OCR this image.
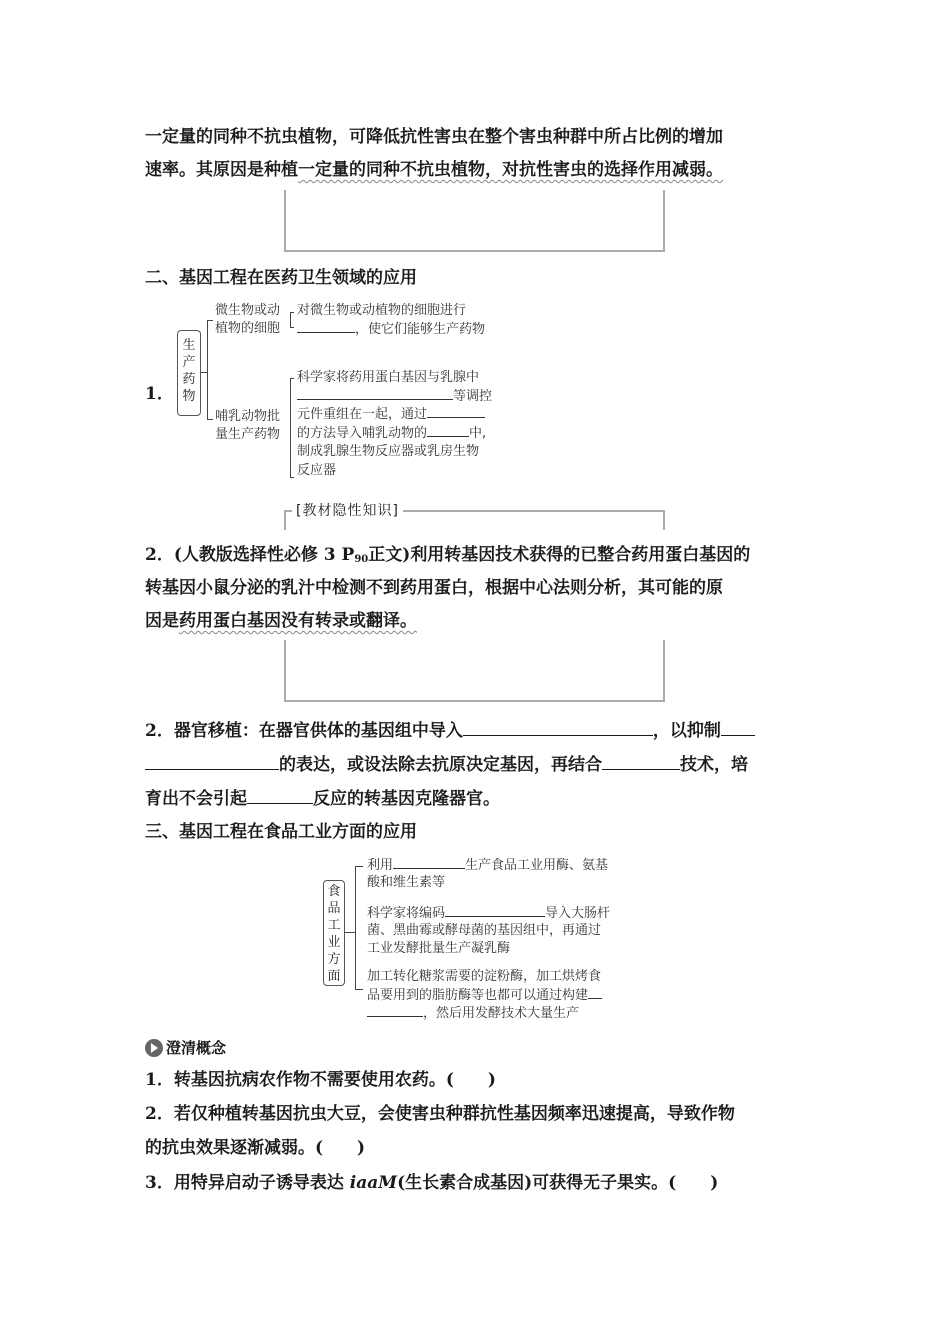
一定量的同种不抗虫植物，可降低抗性害虫在整个害虫种群中所占比例的增加
速率。其原因是种植一定量的同种不抗虫植物，对抗性害虫的选择作用减弱。
二、基因工程在医药卫生领域的应用
1．
生
产
药
物
微生物或动
植物的细胞
对微生物或动植物的细胞进行
，使它们能够生产药物
哺乳动物批
量生产药物
科学家将药用蛋白基因与乳腺中
等调控
元件重组在一起，通过
的方法导入哺乳动物的	中,
制成乳腺生物反应器或乳房生物
反应器
[教材隐性知识]
2．(人教版选择性必修 3 $P_{90}$正文)利用转基因技术获得的已整合药用蛋白基因的
转基因小鼠分泌的乳汁中检测不到药用蛋白，根据中心法则分析，其可能的原
因是药用蛋白基因没有转录或翻译。
2．器官移植：在器官供体的基因组中导入	，以抑制
的表达，或设法除去抗原决定基因，再结合	技术，培
育出不会引起	反应的转基因克隆器官。
三、基因工程在食品工业方面的应用
食
品
工
业
方
面
利用	生产食品工业用酶、氨基
酸和维生素等
科学家将编码	导入大肠杆
菌、黑曲霉或酵母菌的基因组中，再通过
工业发酵批量生产凝乳酶
加工转化糖浆需要的淀粉酶，加工烘烤食
品要用到的脂肪酶等也都可以通过构建
，然后用发酵技术大量生产
澄清概念
1．转基因抗病农作物不需要使用农药。(　　)
2．若仅种植转基因抗虫大豆，会使害虫种群抗性基因频率迅速提高，导致作物
的抗虫效果逐渐减弱。(　　)
3．用特异启动子诱导表达 iaaM(生长素合成基因)可获得无子果实。(　　)
